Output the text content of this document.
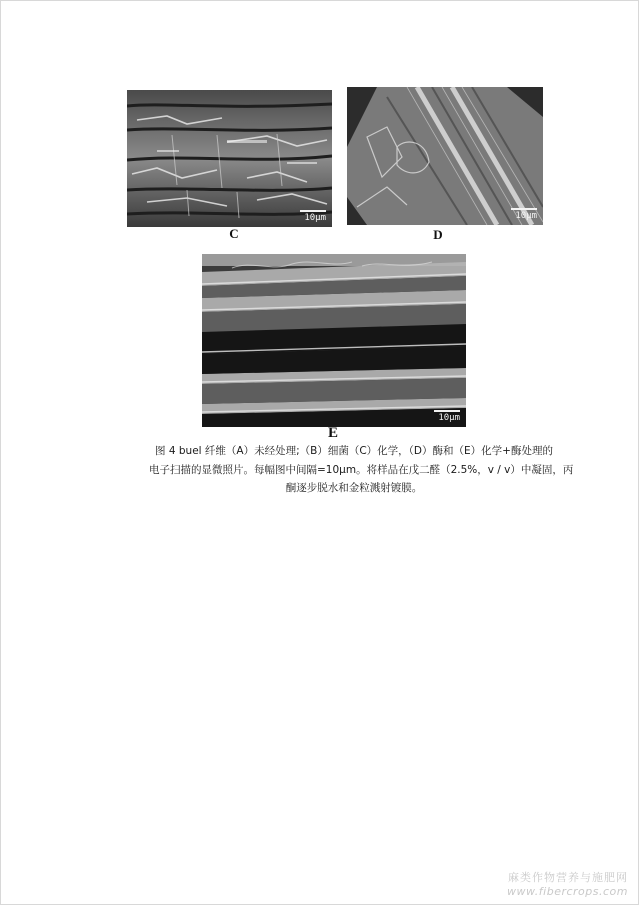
10µm
C
10µm
D
10µm
E
图 4 buel 纤维（A）未经处理;（B）细菌（C）化学，（D）酶和（E）化学+酶处理的
电子扫描的显微照片。每幅图中间隔=10μm。将样品在戊二醛（2.5%，v / v）中凝固，丙
酮逐步脱水和金粒溅射镀膜。
麻类作物营养与施肥网
www.fibercrops.com
